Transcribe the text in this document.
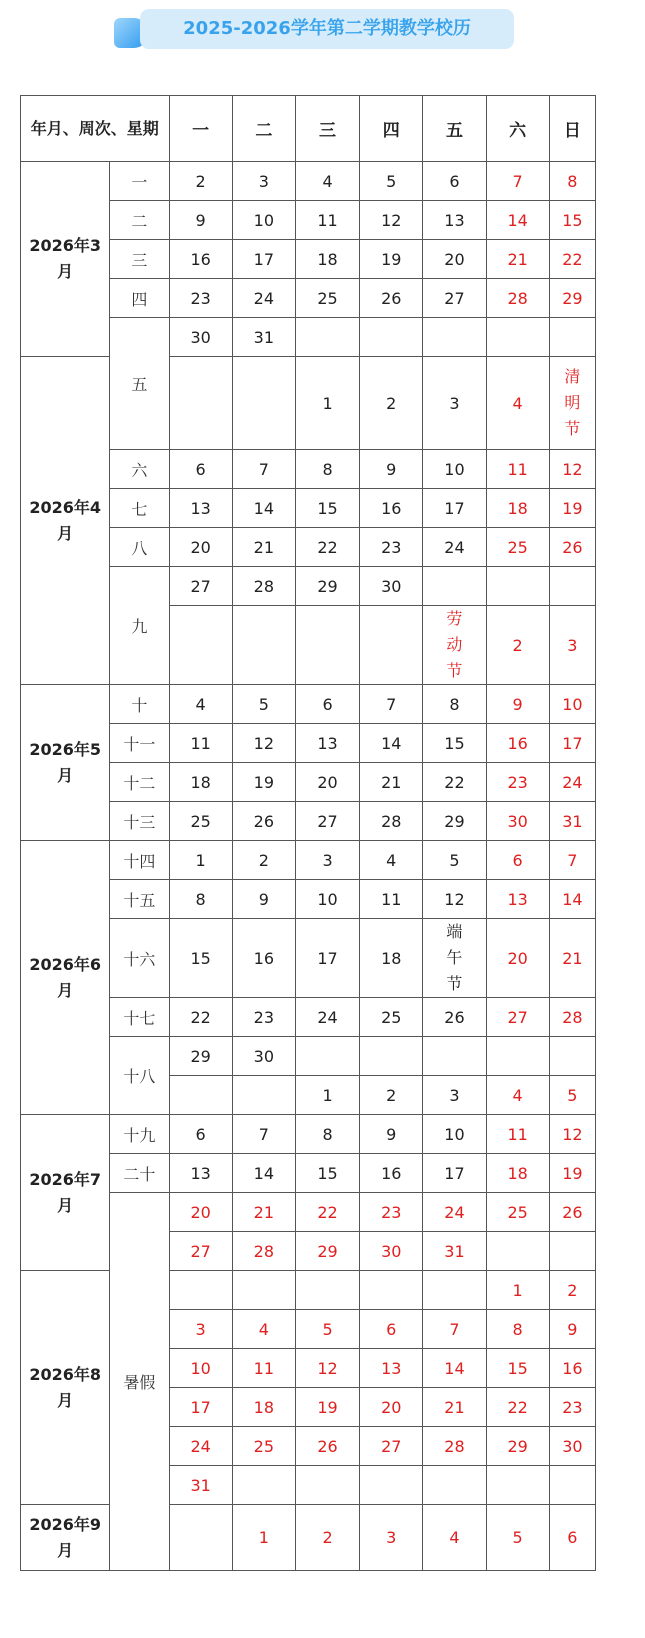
2025-2026学年第二学期教学校历
年月、周次、星期		一	二	三	四	五	六	日
2026年3月	一	2	3	4	5	6	7	8
	二	9	10	11	12	13	14	15
	三	16	17	18	19	20	21	22
	四	23	24	25	26	27	28	29
	五	30	31					
2026年4月				1	2	3	4	清明节
	六	6	7	8	9	10	11	12
	七	13	14	15	16	17	18	19
	八	20	21	22	23	24	25	26
	九	27	28	29	30			
						劳动节	2	3
2026年5月	十	4	5	6	7	8	9	10
	十一	11	12	13	14	15	16	17
	十二	18	19	20	21	22	23	24
	十三	25	26	27	28	29	30	31
2026年6月	十四	1	2	3	4	5	6	7
	十五	8	9	10	11	12	13	14
	十六	15	16	17	18	端午节	20	21
	十七	22	23	24	25	26	27	28
	十八	29	30					
				1	2	3	4	5
2026年7月	十九	6	7	8	9	10	11	12
	二十	13	14	15	16	17	18	19
	暑假	20	21	22	23	24	25	26
		27	28	29	30	31		
2026年8月							1	2
		3	4	5	6	7	8	9
		10	11	12	13	14	15	16
		17	18	19	20	21	22	23
		24	25	26	27	28	29	30
		31						
2026年9月			1	2	3	4	5	6
